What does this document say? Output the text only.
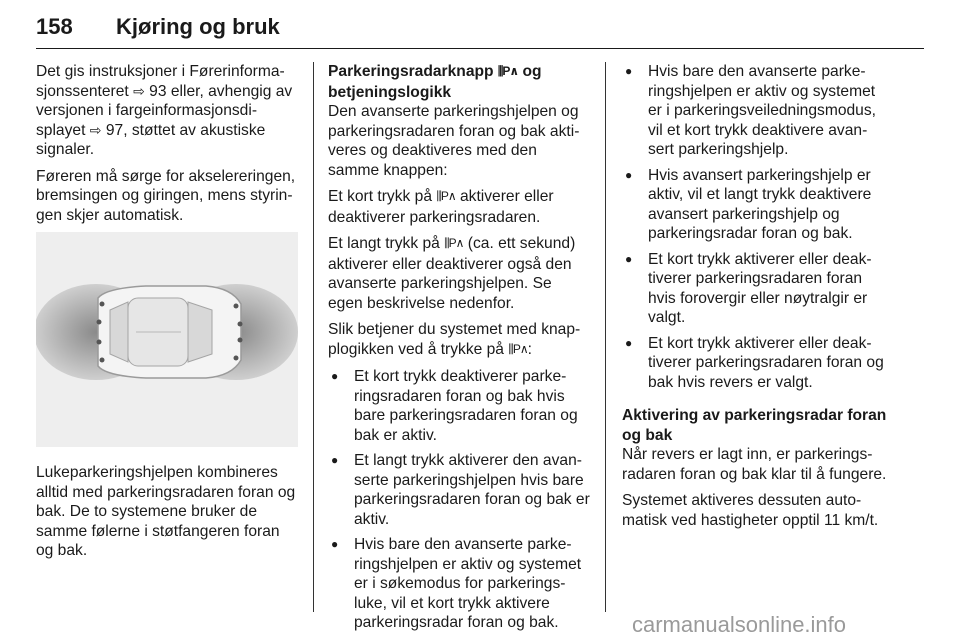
158 Kjøring og bruk

Det gis instruksjoner i Førerinformasjonssenteret ⇨ 93 eller, avhengig av versjonen i fargeinformasjonsdisplayet ⇨ 97, støttet av akustiske signaler.

Føreren må sørge for akselereringen, bremsingen og giringen, mens styringen skjer automatisk.

Lukeparkeringshjelpen kombineres alltid med parkeringsradaren foran og bak. De to systemene bruker de samme følerne i støtfangeren foran og bak.

Parkeringsradarknapp ⫼P∧ og betjeningslogikk

Den avanserte parkeringshjelpen og parkeringsradaren foran og bak aktiveres og deaktiveres med den samme knappen:

Et kort trykk på ⫼P∧ aktiverer eller deaktiverer parkeringsradaren.

Et langt trykk på ⫼P∧ (ca. ett sekund) aktiverer eller deaktiverer også den avanserte parkeringshjelpen. Se egen beskrivelse nedenfor.

Slik betjener du systemet med knapplogikken ved å trykke på ⫼P∧:

● Et kort trykk deaktiverer parkeringsradaren foran og bak hvis bare parkeringsradaren foran og bak er aktiv.
● Et langt trykk aktiverer den avanserte parkeringshjelpen hvis bare parkeringsradaren foran og bak er aktiv.
● Hvis bare den avanserte parkeringshjelpen er aktiv og systemet er i søkemodus for parkeringsluke, vil et kort trykk aktivere parkeringsradar foran og bak.
● Hvis bare den avanserte parkeringshjelpen er aktiv og systemet er i parkeringsveiledningsmodus, vil et kort trykk deaktivere avansert parkeringshjelp.
● Hvis avansert parkeringshjelp er aktiv, vil et langt trykk deaktivere avansert parkeringshjelp og parkeringsradar foran og bak.
● Et kort trykk aktiverer eller deaktiverer parkeringsradaren foran hvis forovergir eller nøytralgir er valgt.
● Et kort trykk aktiverer eller deaktiverer parkeringsradaren foran og bak hvis revers er valgt.

Aktivering av parkeringsradar foran og bak

Når revers er lagt inn, er parkeringsradaren foran og bak klar til å fungere.

Systemet aktiveres dessuten automatisk ved hastigheter opptil 11 km/t.

carmanualsonline.info
